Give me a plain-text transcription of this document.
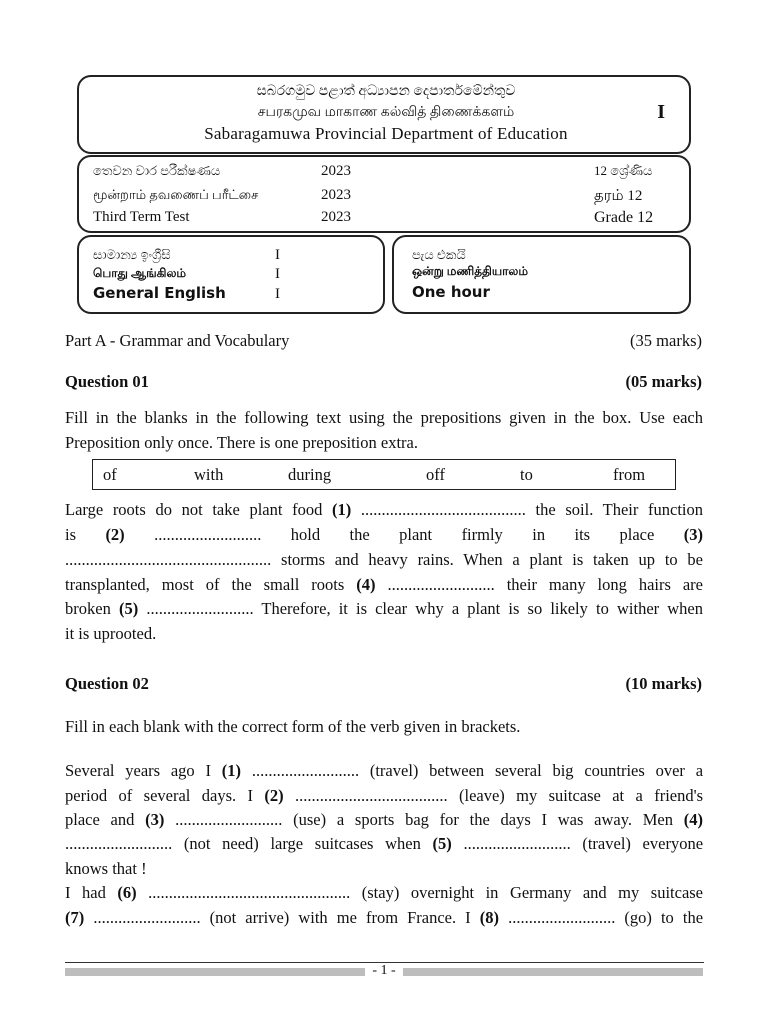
සබරගමුව පළාත් අධ්‍යාපන දෙපාර්තමේන්තුව
சபரகமுவ மாகாண கல்வித் திணைக்களம்
Sabaragamuwa Provincial Department of Education
I
තෙවන වාර පරීක්ෂණය	2023	12 ශ්‍රේණිය
மூன்றாம் தவணைப் பரீட்சை	2023	தரம் 12
Third Term Test	2023	Grade 12
සාමාන්‍ය ඉංග්‍රීසි	I
பொது ஆங்கிலம்	I
General English	I
පැය එකයි
ஒன்று மணித்தியாலம்
One hour
Part A - Grammar and Vocabulary	(35 marks)
Question 01	(05 marks)
Fill in the blanks in the following text using the prepositions given in the box. Use each
Preposition only once. There is one preposition extra.
of	with	during	off	to	from
Large roots do not take plant food (1) ........................................ the soil. Their function
is (2) .......................... hold the plant firmly in its place (3)
.................................................. storms and heavy rains. When a plant is taken up to be
transplanted, most of the small roots (4) .......................... their many long hairs are
broken (5) .......................... Therefore, it is clear why a plant is so likely to wither when
it is uprooted.
Question 02	(10 marks)
Fill in each blank with the correct form of the verb given in brackets.
Several years ago I (1) .......................... (travel) between several big countries over a
period of several days. I (2) ..................................... (leave) my suitcase at a friend's
place and (3) .......................... (use) a sports bag for the days I was away. Men (4)
.......................... (not need) large suitcases when (5) .......................... (travel) everyone
knows that !
I had (6) ................................................. (stay) overnight in Germany and my suitcase
(7) .......................... (not arrive) with me from France. I (8) .......................... (go) to the
- 1 -
